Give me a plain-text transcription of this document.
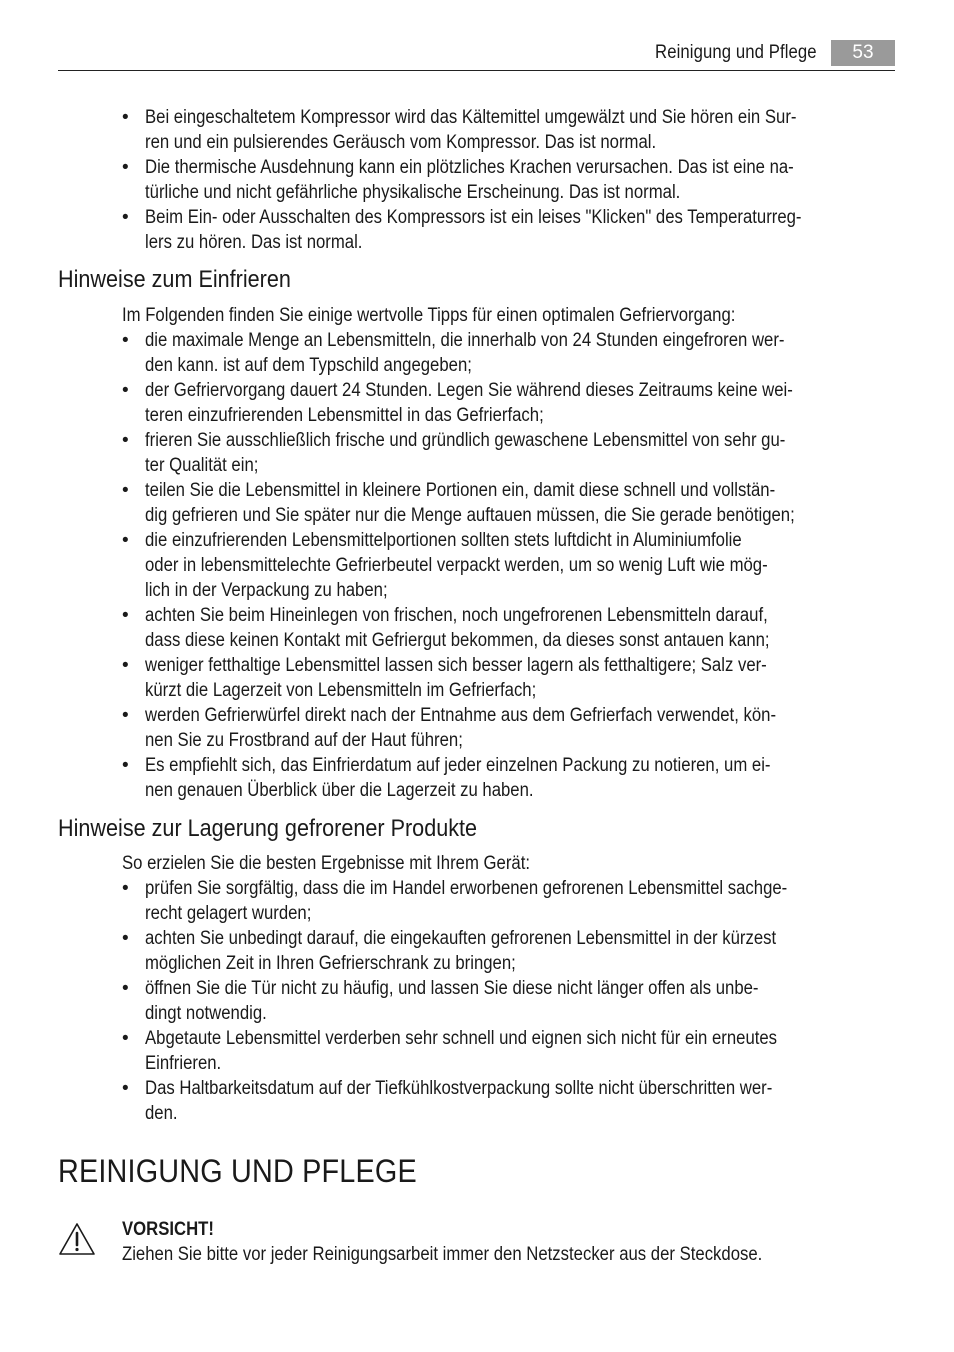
Reinigung und Pflege	53
• Bei eingeschaltetem Kompressor wird das Kältemittel umgewälzt und Sie hören ein Sur-
ren und ein pulsierendes Geräusch vom Kompressor. Das ist normal.
• Die thermische Ausdehnung kann ein plötzliches Krachen verursachen. Das ist eine na-
türliche und nicht gefährliche physikalische Erscheinung. Das ist normal.
• Beim Ein- oder Ausschalten des Kompressors ist ein leises "Klicken" des Temperaturreg-
lers zu hören. Das ist normal.
Hinweise zum Einfrieren
Im Folgenden finden Sie einige wertvolle Tipps für einen optimalen Gefriervorgang:
• die maximale Menge an Lebensmitteln, die innerhalb von 24 Stunden eingefroren wer-
den kann. ist auf dem Typschild angegeben;
• der Gefriervorgang dauert 24 Stunden. Legen Sie während dieses Zeitraums keine wei-
teren einzufrierenden Lebensmittel in das Gefrierfach;
• frieren Sie ausschließlich frische und gründlich gewaschene Lebensmittel von sehr gu-
ter Qualität ein;
• teilen Sie die Lebensmittel in kleinere Portionen ein, damit diese schnell und vollstän-
dig gefrieren und Sie später nur die Menge auftauen müssen, die Sie gerade benötigen;
• die einzufrierenden Lebensmittelportionen sollten stets luftdicht in Aluminiumfolie
oder in lebensmittelechte Gefrierbeutel verpackt werden, um so wenig Luft wie mög-
lich in der Verpackung zu haben;
• achten Sie beim Hineinlegen von frischen, noch ungefrorenen Lebensmitteln darauf,
dass diese keinen Kontakt mit Gefriergut bekommen, da dieses sonst antauen kann;
• weniger fetthaltige Lebensmittel lassen sich besser lagern als fetthaltigere; Salz ver-
kürzt die Lagerzeit von Lebensmitteln im Gefrierfach;
• werden Gefrierwürfel direkt nach der Entnahme aus dem Gefrierfach verwendet, kön-
nen Sie zu Frostbrand auf der Haut führen;
• Es empfiehlt sich, das Einfrierdatum auf jeder einzelnen Packung zu notieren, um ei-
nen genauen Überblick über die Lagerzeit zu haben.
Hinweise zur Lagerung gefrorener Produkte
So erzielen Sie die besten Ergebnisse mit Ihrem Gerät:
• prüfen Sie sorgfältig, dass die im Handel erworbenen gefrorenen Lebensmittel sachge-
recht gelagert wurden;
• achten Sie unbedingt darauf, die eingekauften gefrorenen Lebensmittel in der kürzest
möglichen Zeit in Ihren Gefrierschrank zu bringen;
• öffnen Sie die Tür nicht zu häufig, und lassen Sie diese nicht länger offen als unbe-
dingt notwendig.
• Abgetaute Lebensmittel verderben sehr schnell und eignen sich nicht für ein erneutes
Einfrieren.
• Das Haltbarkeitsdatum auf der Tiefkühlkostverpackung sollte nicht überschritten wer-
den.
REINIGUNG UND PFLEGE
VORSICHT!
Ziehen Sie bitte vor jeder Reinigungsarbeit immer den Netzstecker aus der Steckdose.
